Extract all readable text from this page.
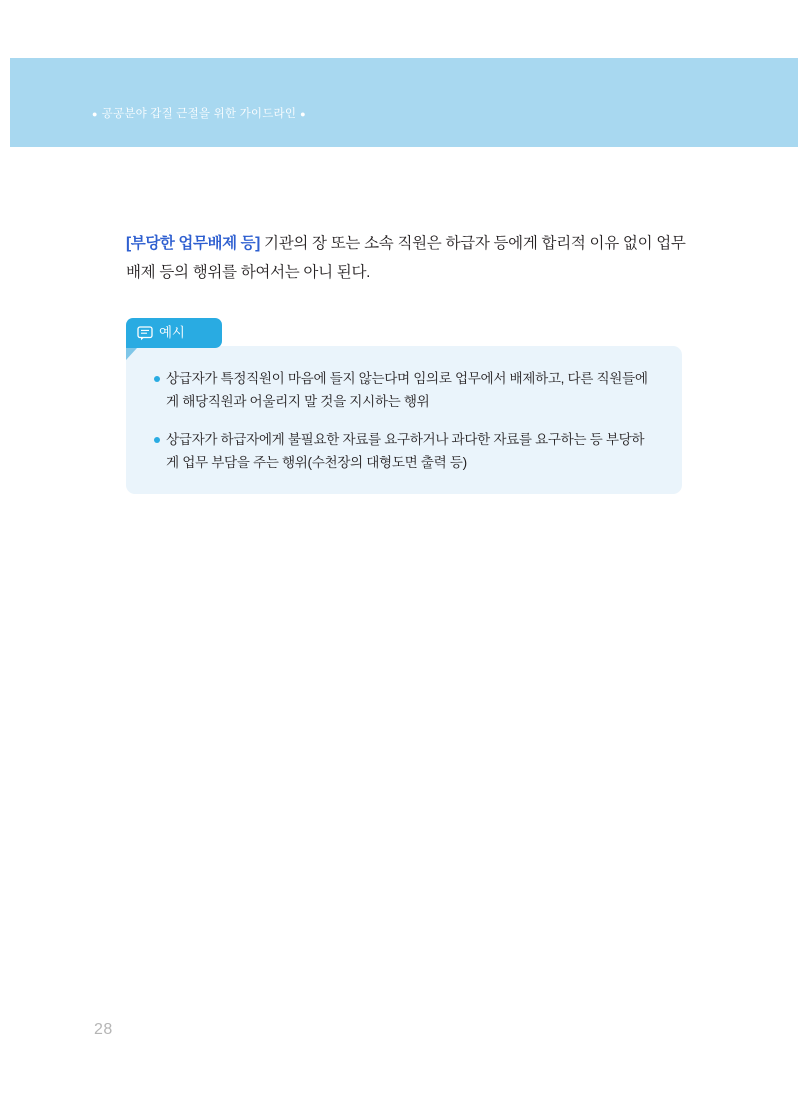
● 공공분야 갑질 근절을 위한 가이드라인 ●
[부당한 업무배제 등] 기관의 장 또는 소속 직원은 하급자 등에게 합리적 이유 없이 업무배제 등의 행위를 하여서는 아니 된다.
예시
상급자가 특정직원이 마음에 들지 않는다며 임의로 업무에서 배제하고, 다른 직원들에게 해당직원과 어울리지 말 것을 지시하는 행위
상급자가 하급자에게 불필요한 자료를 요구하거나 과다한 자료를 요구하는 등 부당하게 업무 부담을 주는 행위(수천장의 대형도면 출력 등)
28
